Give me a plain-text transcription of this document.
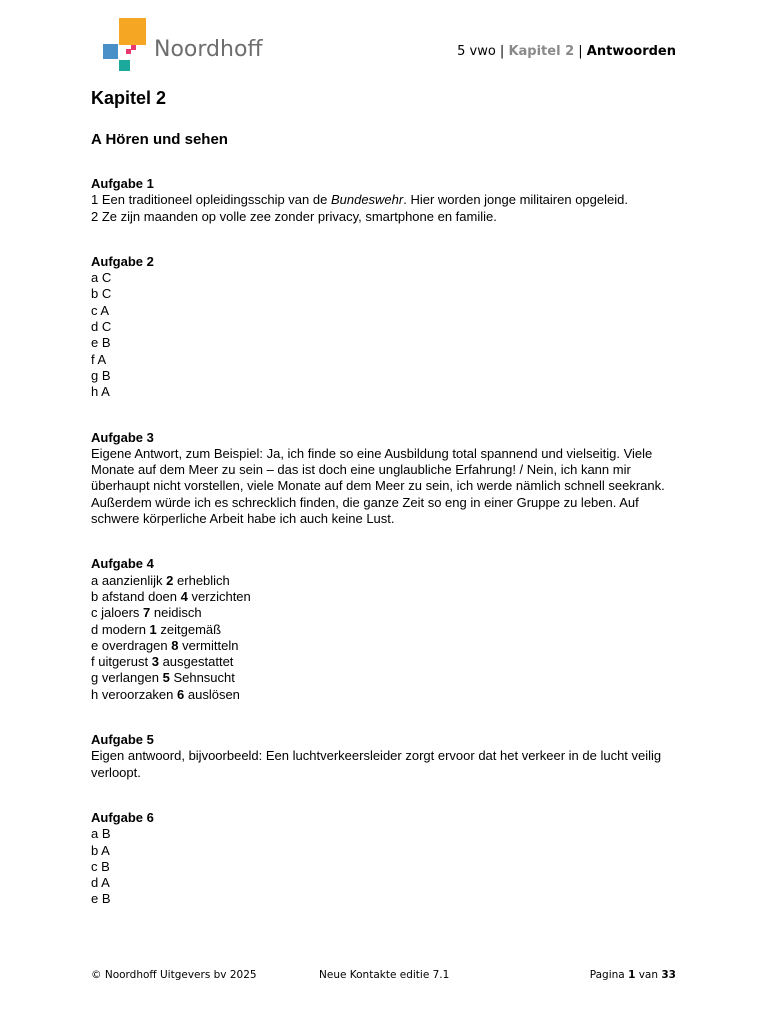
Noordhoff	5 vwo | Kapitel 2 | Antwoorden
Kapitel 2
A Hören und sehen

Aufgabe 1

1 Een traditioneel opleidingsschip van de Bundeswehr. Hier worden jonge militairen opgeleid.

2 Ze zijn maanden op volle zee zonder privacy, smartphone en familie.

Aufgabe 2

a C

b C

c A

d C

e B

f A

g B

h A

Aufgabe 3

Eigene Antwort, zum Beispiel: Ja, ich finde so eine Ausbildung total spannend und vielseitig. Viele

Monate auf dem Meer zu sein – das ist doch eine unglaubliche Erfahrung! / Nein, ich kann mir

überhaupt nicht vorstellen, viele Monate auf dem Meer zu sein, ich werde nämlich schnell seekrank.

Außerdem würde ich es schrecklich finden, die ganze Zeit so eng in einer Gruppe zu leben. Auf

schwere körperliche Arbeit habe ich auch keine Lust.

Aufgabe 4

a aanzienlijk 2 erheblich

b afstand doen 4 verzichten

c jaloers 7 neidisch

d modern 1 zeitgemäß

e overdragen 8 vermitteln

f uitgerust 3 ausgestattet

g verlangen 5 Sehnsucht

h veroorzaken 6 auslösen

Aufgabe 5

Eigen antwoord, bijvoorbeeld: Een luchtverkeersleider zorgt ervoor dat het verkeer in de lucht veilig

verloopt.

Aufgabe 6

a B

b A

c B

d A

e B

© Noordhoff Uitgevers bv 2025	Neue Kontakte editie 7.1	Pagina 1 van 33
